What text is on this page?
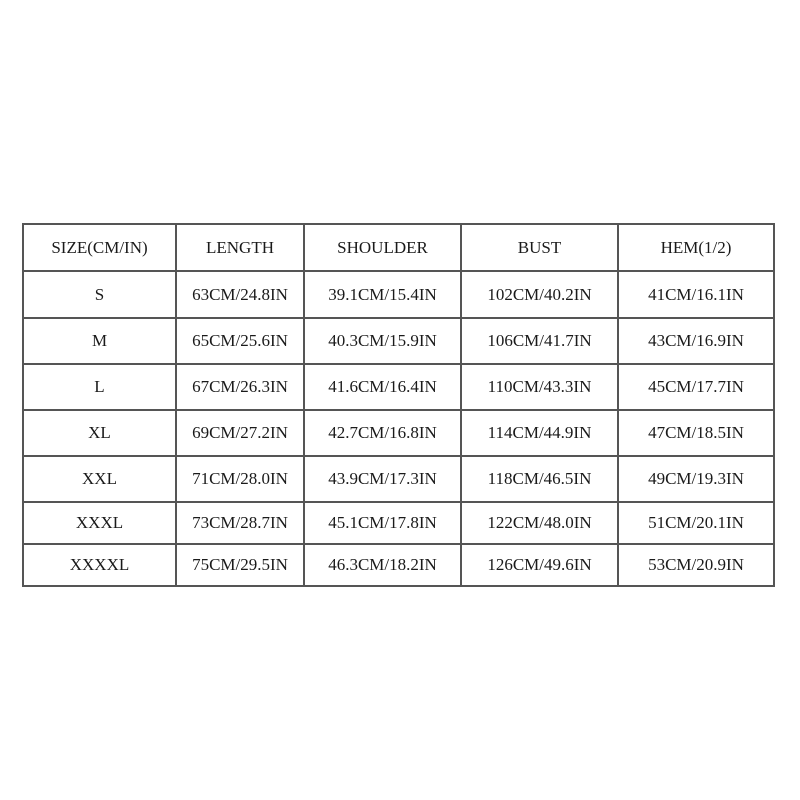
SIZE(CM/IN)	LENGTH	SHOULDER	BUST	HEM(1/2)
S	63CM/24.8IN	39.1CM/15.4IN	102CM/40.2IN	41CM/16.1IN
M	65CM/25.6IN	40.3CM/15.9IN	106CM/41.7IN	43CM/16.9IN
L	67CM/26.3IN	41.6CM/16.4IN	110CM/43.3IN	45CM/17.7IN
XL	69CM/27.2IN	42.7CM/16.8IN	114CM/44.9IN	47CM/18.5IN
XXL	71CM/28.0IN	43.9CM/17.3IN	118CM/46.5IN	49CM/19.3IN
XXXL	73CM/28.7IN	45.1CM/17.8IN	122CM/48.0IN	51CM/20.1IN
XXXXL	75CM/29.5IN	46.3CM/18.2IN	126CM/49.6IN	53CM/20.9IN
